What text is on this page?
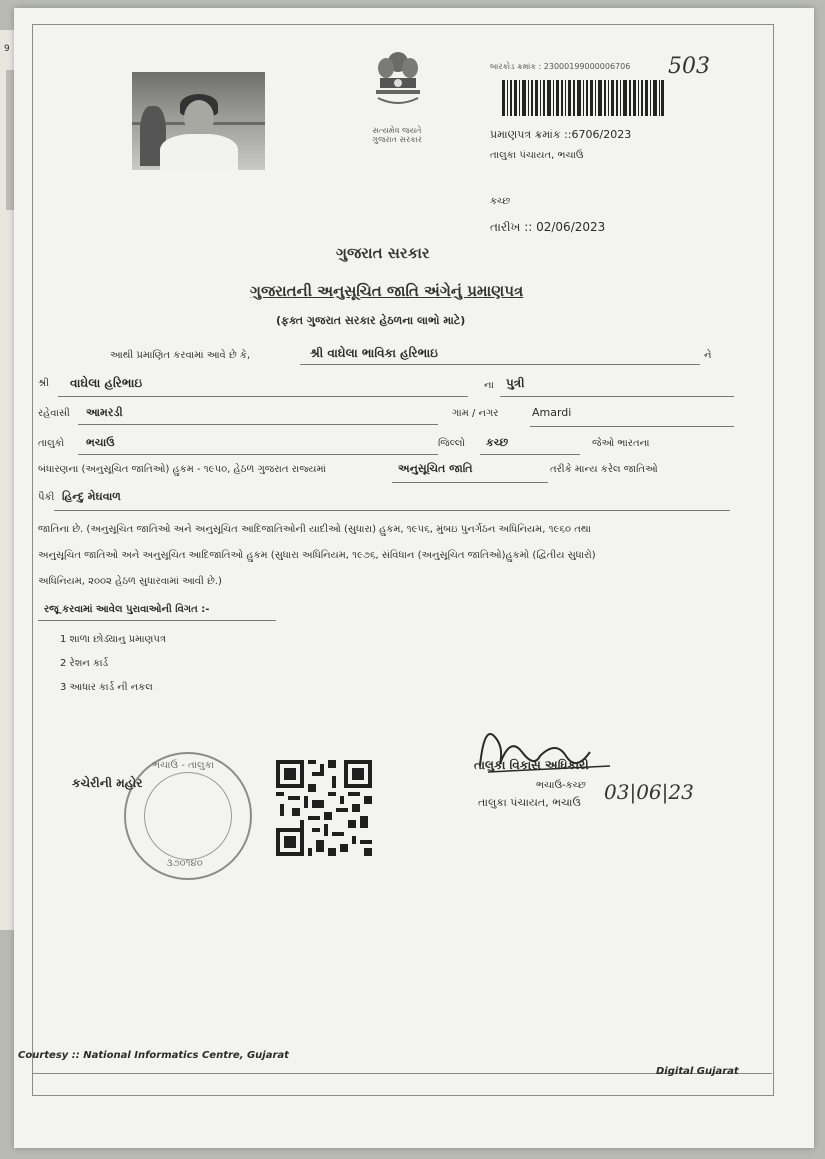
9
સત્યમેવ જયતે
ગુજરાત સરકાર
બારકોડ ક્રમાંક : 23000199000006706 503
પ્રમાણપત્ર ક્રમાંક ::6706/2023
તાલુકા પંચાયત, ભચાઉ
કચ્છ
તારીખ :: 02/06/2023
ગુજરાત સરકાર
ગુજરાતની અનુસૂચિત જાતિ અંગેનું પ્રમાણપત્ર
(ફક્ત ગુજરાત સરકાર હેઠળના લાભો માટે)
આથી પ્રમાણિત કરવામાં આવે છે કે,	શ્રી વાઘેલા ભાવિકા હરિભાઇ	ને
શ્રી વાઘેલા હરિભાઇ	ના પુત્રી
રહેવાસી આમરડી	ગામ / નગર	Amardi
તાલુકો ભચાઉ	જિલ્લો કચ્છ	જેઓ ભારતના
બંધારણના (અનુસૂચિત જાતિઓ) હુકમ - ૧૯૫૦, હેઠળ ગુજરાત રાજ્યમાં	અનુસૂચિત જાતિ	તરીકે માન્ય કરેલ જાતિઓ
પૈકી હિન્દુ મેઘવાળ
જાતિના છે. (અનુસૂચિત જાતિઓ અને અનુસૂચિત આદિજાતિઓની યાદીઓ (સુધારા) હુકમ, ૧૯૫૬, મુંબઇ પુનર્ગઠન અધિનિયમ, ૧૯૬૦ તથા
અનુસૂચિત જાતિઓ અને અનુસૂચિત આદિજાતિઓ હુકમ (સુધારા અધિનિયમ, ૧૯૭૬, સંવિધાન (અનુસૂચિત જાતિઓ)હુકમો (દ્વિતીય સુધારો)
અધિનિયમ, ૨૦૦૨ હેઠળ સુધારવામાં આવી છે.)
રજૂ કરવામાં આવેલ પુરાવાઓની વિગત :-
1 શાળા છોડ્યાનુ પ્રમાણપત્ર
2 રેશન કાર્ડ
3 આધાર કાર્ડ ની નકલ
ભચાઉ - તાલુકા
૩૭૦૧૪૦
કચેરીની મહોર
તાલુકા વિકાસ અધિકારી
ભચાઉ-કચ્છ
તાલુકા પંચાયત, ભચાઉ 03|06|23
Courtesy :: National Informatics Centre, Gujarat
Digital Gujarat
